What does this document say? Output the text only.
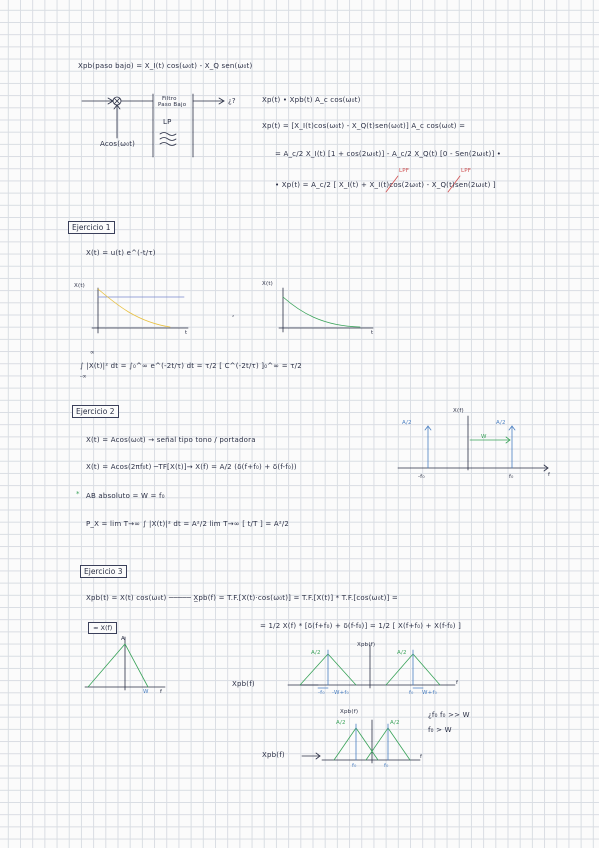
Xpb(paso bajo) = X_I(t) cos(ω₀t) - X_Q sen(ω₀t)
¿?
Filtro
Paso Bajo
LP
Acos(ω₀t)
Xp(t) • Xpb(t) A_c cos(ω₀t)
Xp(t) = [X_I(t)cos(ω₀t) - X_Q(t)sen(ω₀t)] A_c cos(ω₀t) =
= A_c/2 X_I(t) [1 + cos(2ω₀t)] - A_c/2 X_Q(t) [0 - Sen(2ω₀t)] •
• Xp(t) = A_c/2 [ X_I(t) + X_I(t)cos(2ω₀t) - X_Q(t)sen(2ω₀t) ]
LPF	LPF
Ejercicio 1
X(t) = u(t) e^(-t/τ)
X(t)
t
,
X(t)
t
∞
∫ |X(t)|² dt = ∫₀^∞ e^(-2t/τ) dt = τ/2 [ C^(-2t/τ) ]₀^∞ = τ/2
-∞
Ejercicio 2
X(t) = Acos(ω₀t) → señal tipo tono / portadora
X(t) = Acos(2πf₀t) ─TF[X(t)]→ X(f) = A/2 (δ(f+f₀) + δ(f-f₀))
* AB absoluto = W = f₀
P_X = lim T→∞ ∫ |X(t)|² dt = A²/2 lim T→∞ [ t/T ] = A²/2
X(f)
A/2	A/2
W
-f₀	f₀	f
Ejercicio 3
Xpb(t) = X(t) cos(ω₀t) ───── X̲pb(f) = T.F.[X(t)·cos(ω₀t)] = T.F.[X(t)] * T.F.[cos(ω₀t)] =
= 1/2 X(f) * [δ(f+f₀) + δ(f-f₀)] = 1/2 [ X(f+f₀) + X(f-f₀) ]
≈ X(f)
A
W f
Xpb(f)
Xpb(f)
A/2	A/2
-f₀ -W+f₀	f₀ W+f₀
f
¿f₀ f₀ >> W
f₀ > W
Xpb(f)
Xpb(f)
A/2	A/2
f₀	f₀
f
